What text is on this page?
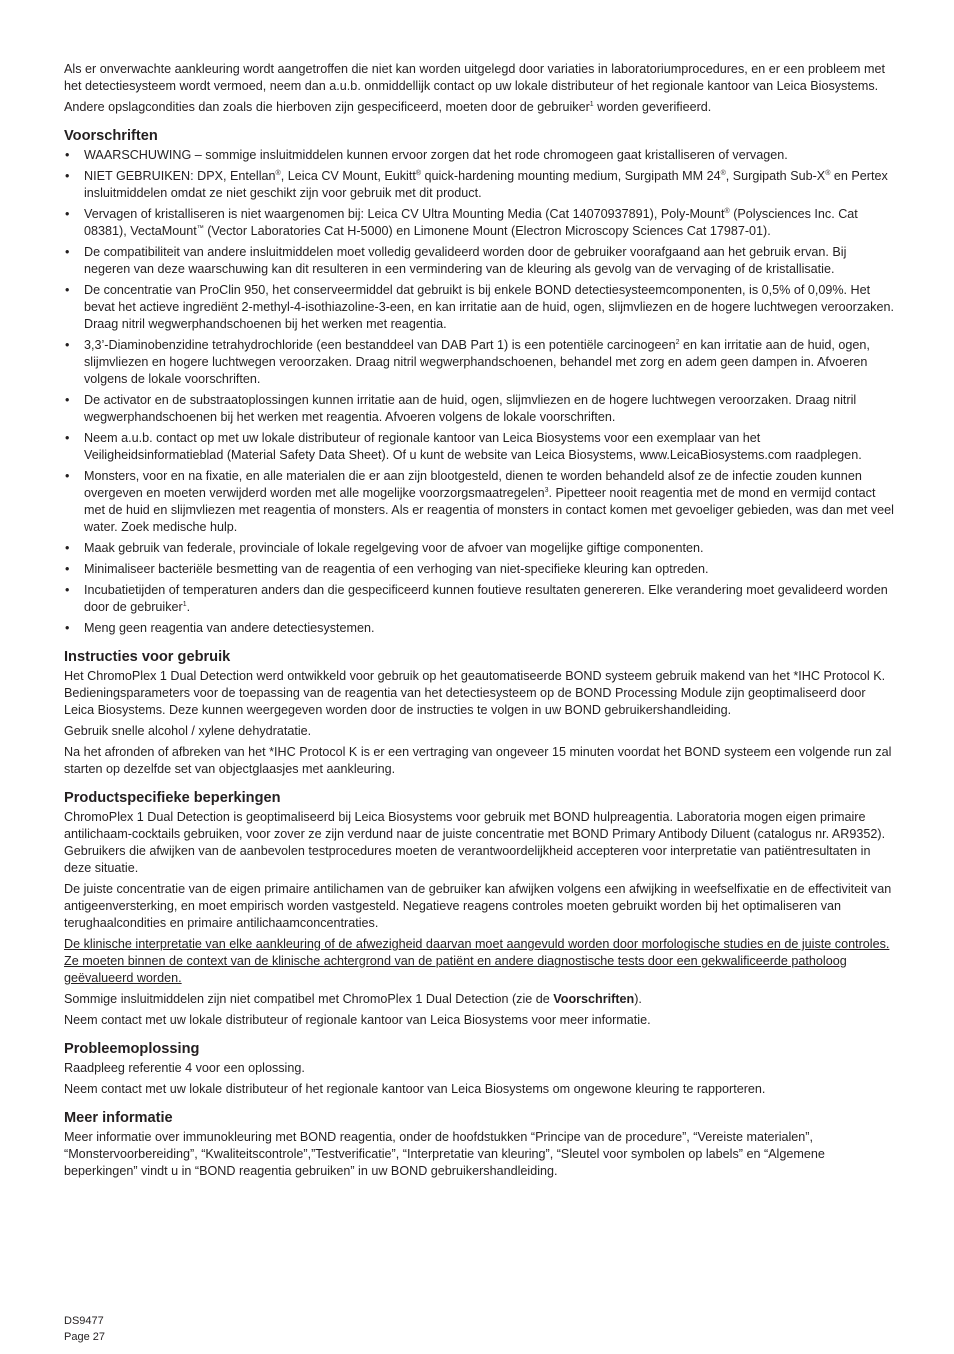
Als er onverwachte aankleuring wordt aangetroffen die niet kan worden uitgelegd door variaties in laboratoriumprocedures, en er een probleem met het detectiesysteem wordt vermoed, neem dan a.u.b. onmiddellijk contact op uw lokale distributeur of het regionale kantoor van Leica Biosystems.

Andere opslagcondities dan zoals die hierboven zijn gespecificeerd, moeten door de gebruiker$^1$ worden geverifieerd.

Voorschriften
• WAARSCHUWING – sommige insluitmiddelen kunnen ervoor zorgen dat het rode chromogeen gaat kristalliseren of vervagen.
• NIET GEBRUIKEN: DPX, Entellan®, Leica CV Mount, Eukitt® quick-hardening mounting medium, Surgipath MM 24®, Surgipath Sub-X® en Pertex insluitmiddelen omdat ze niet geschikt zijn voor gebruik met dit product.
• Vervagen of kristalliseren is niet waargenomen bij: Leica CV Ultra Mounting Media (Cat 14070937891), Poly-Mount® (Polysciences Inc. Cat 08381), VectaMount™ (Vector Laboratories Cat H-5000) en Limonene Mount (Electron Microscopy Sciences Cat 17987-01).
• De compatibiliteit van andere insluitmiddelen moet volledig gevalideerd worden door de gebruiker voorafgaand aan het gebruik ervan. Bij negeren van deze waarschuwing kan dit resulteren in een vermindering van de kleuring als gevolg van de vervaging of de kristallisatie.
• De concentratie van ProClin 950, het conserveermiddel dat gebruikt is bij enkele BOND detectiesysteemcomponenten, is 0,5% of 0,09%. Het bevat het actieve ingrediënt 2-methyl-4-isothiazoline-3-een, en kan irritatie aan de huid, ogen, slijmvliezen en de hogere luchtwegen veroorzaken. Draag nitril wegwerphandschoenen bij het werken met reagentia.
• 3,3’-Diaminobenzidine tetrahydrochloride (een bestanddeel van DAB Part 1) is een potentiële carcinogeen$^2$ en kan irritatie aan de huid, ogen, slijmvliezen en hogere luchtwegen veroorzaken. Draag nitril wegwerphandschoenen, behandel met zorg en adem geen dampen in. Afvoeren volgens de lokale voorschriften.
• De activator en de substraatoplossingen kunnen irritatie aan de huid, ogen, slijmvliezen en de hogere luchtwegen veroorzaken. Draag nitril wegwerphandschoenen bij het werken met reagentia. Afvoeren volgens de lokale voorschriften.
• Neem a.u.b. contact op met uw lokale distributeur of regionale kantoor van Leica Biosystems voor een exemplaar van het Veiligheidsinformatieblad (Material Safety Data Sheet). Of u kunt de website van Leica Biosystems, www.LeicaBiosystems.com raadplegen.
• Monsters, voor en na fixatie, en alle materialen die er aan zijn blootgesteld, dienen te worden behandeld alsof ze de infectie zouden kunnen overgeven en moeten verwijderd worden met alle mogelijke voorzorgsmaatregelen$^3$. Pipetteer nooit reagentia met de mond en vermijd contact met de huid en slijmvliezen met reagentia of monsters. Als er reagentia of monsters in contact komen met gevoeliger gebieden, was dan met veel water. Zoek medische hulp.
• Maak gebruik van federale, provinciale of lokale regelgeving voor de afvoer van mogelijke giftige componenten.
• Minimaliseer bacteriële besmetting van de reagentia of een verhoging van niet-specifieke kleuring kan optreden.
• Incubatietijden of temperaturen anders dan die gespecificeerd kunnen foutieve resultaten genereren. Elke verandering moet gevalideerd worden door de gebruiker$^1$.
• Meng geen reagentia van andere detectiesystemen.
Instructies voor gebruik

Het ChromoPlex 1 Dual Detection werd ontwikkeld voor gebruik op het geautomatiseerde BOND systeem gebruik makend van het *IHC Protocol K. Bedieningsparameters voor de toepassing van de reagentia van het detectiesysteem op de BOND Processing Module zijn geoptimaliseerd door Leica Biosystems. Deze kunnen weergegeven worden door de instructies te volgen in uw BOND gebruikershandleiding.

Gebruik snelle alcohol / xylene dehydratatie.

Na het afronden of afbreken van het *IHC Protocol K is er een vertraging van ongeveer 15 minuten voordat het BOND systeem een volgende run zal starten op dezelfde set van objectglaasjes met aankleuring.

Productspecifieke beperkingen

ChromoPlex 1 Dual Detection is geoptimaliseerd bij Leica Biosystems voor gebruik met BOND hulpreagentia. Laboratoria mogen eigen primaire antilichaam-cocktails gebruiken, voor zover ze zijn verdund naar de juiste concentratie met BOND Primary Antibody Diluent (catalogus nr. AR9352). Gebruikers die afwijken van de aanbevolen testprocedures moeten de verantwoordelijkheid accepteren voor interpretatie van patiëntresultaten in deze situatie.

De juiste concentratie van de eigen primaire antilichamen van de gebruiker kan afwijken volgens een afwijking in weefselfixatie en de effectiviteit van antigeenversterking, en moet empirisch worden vastgesteld. Negatieve reagens controles moeten gebruikt worden bij het optimaliseren van terughaalcondities en primaire antilichaamconcentraties.

De klinische interpretatie van elke aankleuring of de afwezigheid daarvan moet aangevuld worden door morfologische studies en de juiste controles. Ze moeten binnen de context van de klinische achtergrond van de patiënt en andere diagnostische tests door een gekwalificeerde patholoog geëvalueerd worden.

Sommige insluitmiddelen zijn niet compatibel met ChromoPlex 1 Dual Detection (zie de Voorschriften).

Neem contact met uw lokale distributeur of regionale kantoor van Leica Biosystems voor meer informatie.

Probleemoplossing

Raadpleeg referentie 4 voor een oplossing.

Neem contact met uw lokale distributeur of het regionale kantoor van Leica Biosystems om ongewone kleuring te rapporteren.

Meer informatie

Meer informatie over immunokleuring met BOND reagentia, onder de hoofdstukken “Principe van de procedure”, “Vereiste materialen”, “Monstervoorbereiding”, “Kwaliteitscontrole”,”Testverificatie”, “Interpretatie van kleuring”, “Sleutel voor symbolen op labels” en “Algemene beperkingen” vindt u in “BOND reagentia gebruiken” in uw BOND gebruikershandleiding.

DS9477
Page 27
